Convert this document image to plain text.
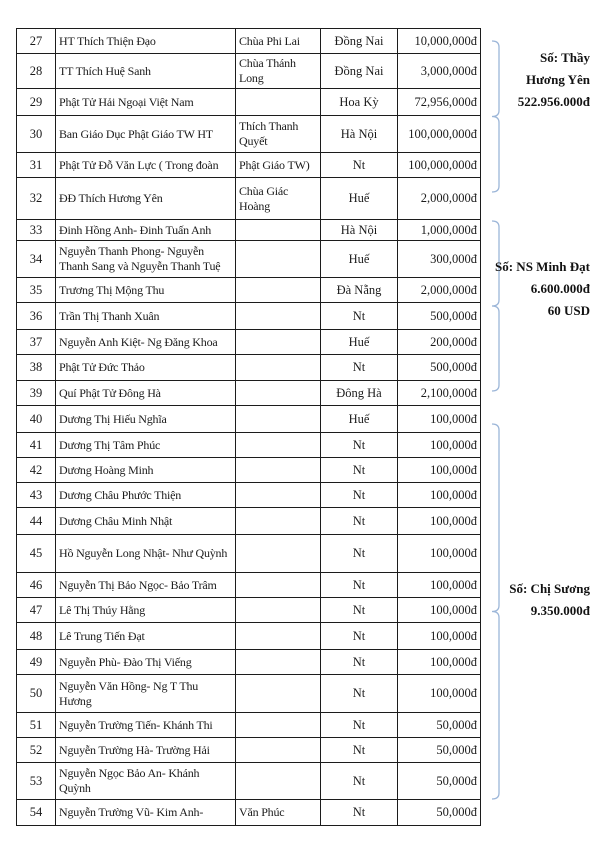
27	HT Thích Thiện Đạo	Chùa Phi Lai	Đồng Nai	10,000,000đ
28	TT Thích Huệ Sanh	Chùa Thánh Long	Đồng Nai	3,000,000đ
29	Phật Tử Hải Ngoại Việt Nam		Hoa Kỳ	72,956,000đ
30	Ban Giáo Dục Phật Giáo TW HT	Thích Thanh Quyết	Hà Nội	100,000,000đ
31	Phật Tử Đỗ Văn Lực ( Trong đoàn	Phật Giáo TW)	Nt	100,000,000đ
32	ĐĐ Thích Hương Yên	Chùa Giác Hoàng	Huế	2,000,000đ
33	Đinh Hồng Anh- Đinh Tuấn Anh		Hà Nội	1,000,000đ
34	Nguyễn Thanh Phong- Nguyễn Thanh Sang và Nguyễn Thanh Tuệ		Huế	300,000đ
35	Trương Thị Mộng Thu		Đà Nẵng	2,000,000đ
36	Trần Thị Thanh Xuân		Nt	500,000đ
37	Nguyễn Anh Kiệt- Ng Đăng Khoa		Huế	200,000đ
38	Phật Tử Đức Thảo		Nt	500,000đ
39	Quí Phật Tử Đông Hà		Đông Hà	2,100,000đ
40	Dương Thị Hiếu Nghĩa		Huế	100,000đ
41	Dương Thị Tâm Phúc		Nt	100,000đ
42	Dương Hoàng Minh		Nt	100,000đ
43	Dương Châu Phước Thiện		Nt	100,000đ
44	Dương Châu Minh Nhật		Nt	100,000đ
45	Hồ Nguyễn Long Nhật- Như Quỳnh		Nt	100,000đ
46	Nguyễn Thị Bảo Ngọc- Bảo Trâm		Nt	100,000đ
47	Lê Thị Thúy Hằng		Nt	100,000đ
48	Lê Trung Tiến Đạt		Nt	100,000đ
49	Nguyễn Phù- Đào Thị Viếng		Nt	100,000đ
50	Nguyễn Văn Hồng- Ng T Thu Hương		Nt	100,000đ
51	Nguyễn Trường Tiến- Khánh Thi		Nt	50,000đ
52	Nguyễn Trường Hà- Trường Hải		Nt	50,000đ
53	Nguyễn Ngọc Bảo An- Khánh Quỳnh		Nt	50,000đ
54	Nguyễn Trường Vũ- Kim Anh-	Văn Phúc	Nt	50,000đ
Số: Thầy
Hương Yên
522.956.000đ
Số: NS Minh Đạt
6.600.000đ
60 USD
Số: Chị Sương
9.350.000đ
